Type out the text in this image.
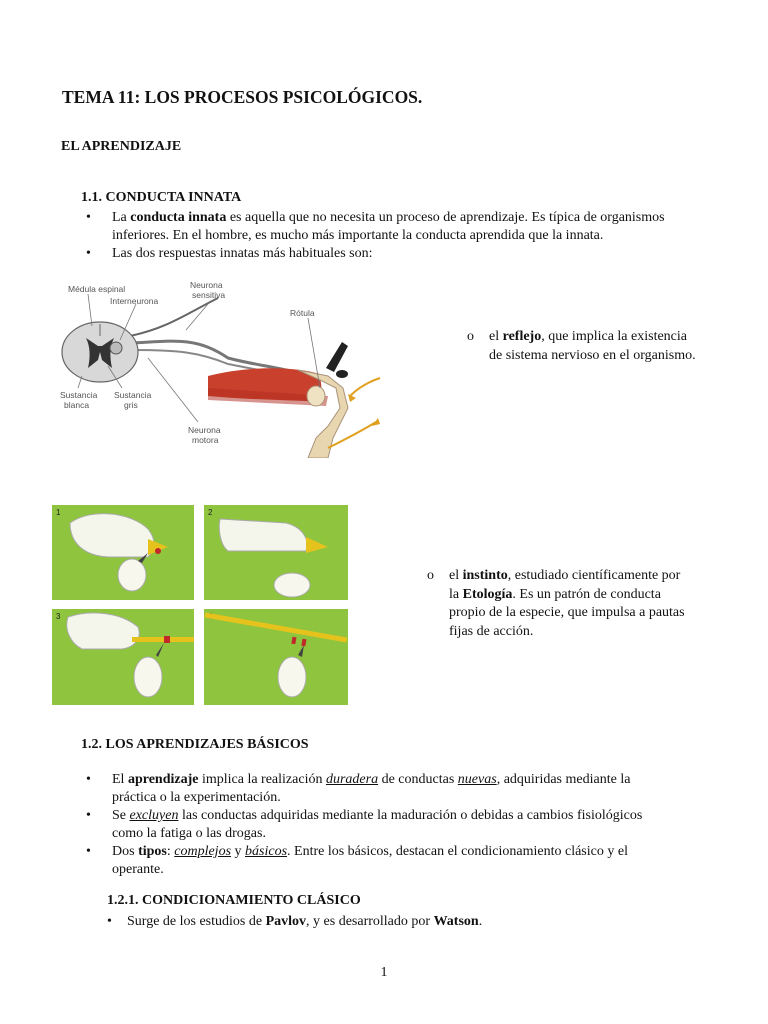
TEMA 11: LOS PROCESOS PSICOLÓGICOS.
EL APRENDIZAJE
1.1. CONDUCTA INNATA
•	La conducta innata es aquella que no necesita un proceso de aprendizaje. Es típica de organismos
inferiores. En el hombre, es mucho más importante la conducta aprendida que la innata.
•	Las dos respuestas innatas más habituales son:
Médula espinal
Interneurona
Neurona
sensitiva
Rótula
Sustancia
blanca
Sustancia
gris
Neurona
motora
o el reflejo, que implica la existencia
de sistema nervioso en el organismo.
1	2
3
o el instinto, estudiado científicamente por
la Etología. Es un patrón de conducta
propio de la especie, que impulsa a pautas
fijas de acción.
1.2. LOS APRENDIZAJES BÁSICOS
•	El aprendizaje implica la realización duradera de conductas nuevas, adquiridas mediante la
práctica o la experimentación.
•	Se excluyen las conductas adquiridas mediante la maduración o debidas a cambios fisiológicos
como la fatiga o las drogas.
•	Dos tipos: complejos y básicos. Entre los básicos, destacan el condicionamiento clásico y el
operante.
1.2.1. CONDICIONAMIENTO CLÁSICO
•	Surge de los estudios de Pavlov, y es desarrollado por Watson.
1
